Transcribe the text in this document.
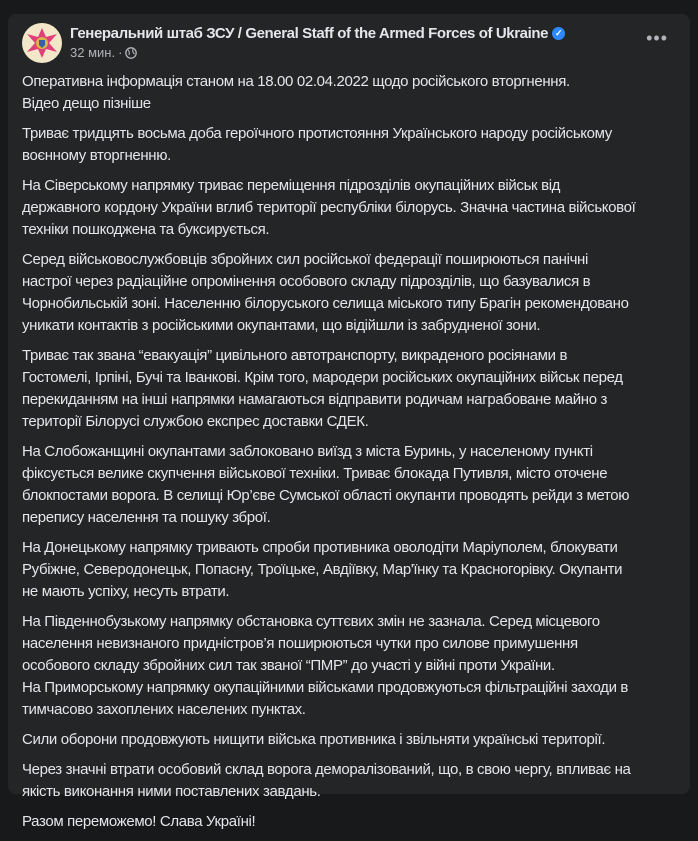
Генеральний штаб ЗСУ / General Staff of the Armed Forces of Ukraine ✓
32 мин. ·
•••
Оперативна інформація станом на 18.00 02.04.2022 щодо російського вторгнення.
Відео дещо пізніше
Триває тридцять восьма доба героїчного протистояння Українського народу російському
воєнному вторгненню.
На Сіверському напрямку триває переміщення підрозділів окупаційних військ від
державного кордону України вглиб території республіки білорусь. Значна частина військової
техніки пошкоджена та буксирується.
Серед військовослужбовців збройних сил російської федерації поширюються панічні
настрої через радіаційне опромінення особового складу підрозділів, що базувалися в
Чорнобильській зоні. Населенню білоруського селища міського типу Брагін рекомендовано
уникати контактів з російськими окупантами, що відійшли із забрудненої зони.
Триває так звана “евакуація” цивільного автотранспорту, викраденого росіянами в
Гостомелі, Ірпіні, Бучі та Іванкові. Крім того, мародери російських окупаційних військ перед
перекиданням на інші напрямки намагаються відправити родичам награбоване майно з
території Білорусі службою експрес доставки СДЕК.
На Слобожанщині окупантами заблоковано виїзд з міста Буринь, у населеному пункті
фіксується велике скупчення військової техніки. Триває блокада Путивля, місто оточене
блокпостами ворога. В селищі Юр’єве Сумської області окупанти проводять рейди з метою
перепису населення та пошуку зброї.
На Донецькому напрямку тривають спроби противника оволодіти Маріуполем, блокувати
Рубіжне, Северодонецьк, Попасну, Троїцьке, Авдіївку, Мар'їнку та Красногорівку. Окупанти
не мають успіху, несуть втрати.
На Південнобузькому напрямку обстановка суттєвих змін не зазнала. Серед місцевого
населення невизнаного придністров’я поширюються чутки про силове примушення
особового складу збройних сил так званої “ПМР” до участі у війні проти України.
На Приморському напрямку окупаційними військами продовжуються фільтраційні заходи в
тимчасово захоплених населених пунктах.
Сили оборони продовжують нищити війська противника і звільняти українські території.
Через значні втрати особовий склад ворога деморалізований, що, в свою чергу, впливає на
якість виконання ними поставлених завдань.
Разом переможемо! Слава Україні!
